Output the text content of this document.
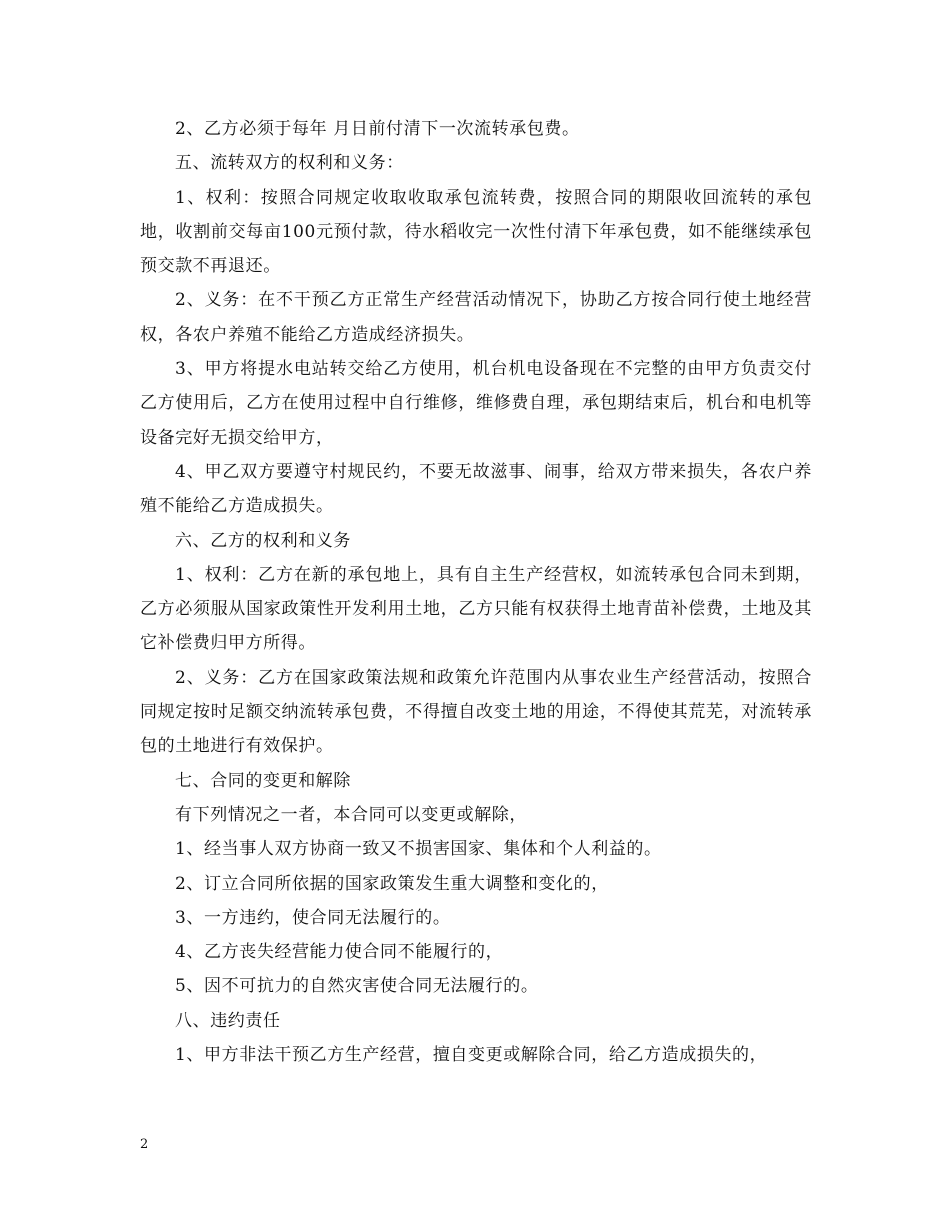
2、乙方必须于每年 月日前付清下一次流转承包费。

五、流转双方的权利和义务：

1、权利：按照合同规定收取收取承包流转费，按照合同的期限收回流转的承包地，收割前交每亩100元预付款，待水稻收完一次性付清下年承包费，如不能继续承包预交款不再退还。

2、义务：在不干预乙方正常生产经营活动情况下，协助乙方按合同行使土地经营权，各农户养殖不能给乙方造成经济损失。

3、甲方将提水电站转交给乙方使用，机台机电设备现在不完整的由甲方负责交付乙方使用后，乙方在使用过程中自行维修，维修费自理，承包期结束后，机台和电机等设备完好无损交给甲方，

4、甲乙双方要遵守村规民约，不要无故滋事、闹事，给双方带来损失，各农户养殖不能给乙方造成损失。

六、乙方的权利和义务

1、权利：乙方在新的承包地上，具有自主生产经营权，如流转承包合同未到期，乙方必须服从国家政策性开发利用土地，乙方只能有权获得土地青苗补偿费，土地及其它补偿费归甲方所得。

2、义务：乙方在国家政策法规和政策允许范围内从事农业生产经营活动，按照合同规定按时足额交纳流转承包费，不得擅自改变土地的用途，不得使其荒芜，对流转承包的土地进行有效保护。

七、合同的变更和解除

有下列情况之一者，本合同可以变更或解除，

1、经当事人双方协商一致又不损害国家、集体和个人利益的。

2、订立合同所依据的国家政策发生重大调整和变化的，

3、一方违约，使合同无法履行的。

4、乙方丧失经营能力使合同不能履行的，

5、因不可抗力的自然灾害使合同无法履行的。

八、违约责任

1、甲方非法干预乙方生产经营，擅自变更或解除合同，给乙方造成损失的，

2
